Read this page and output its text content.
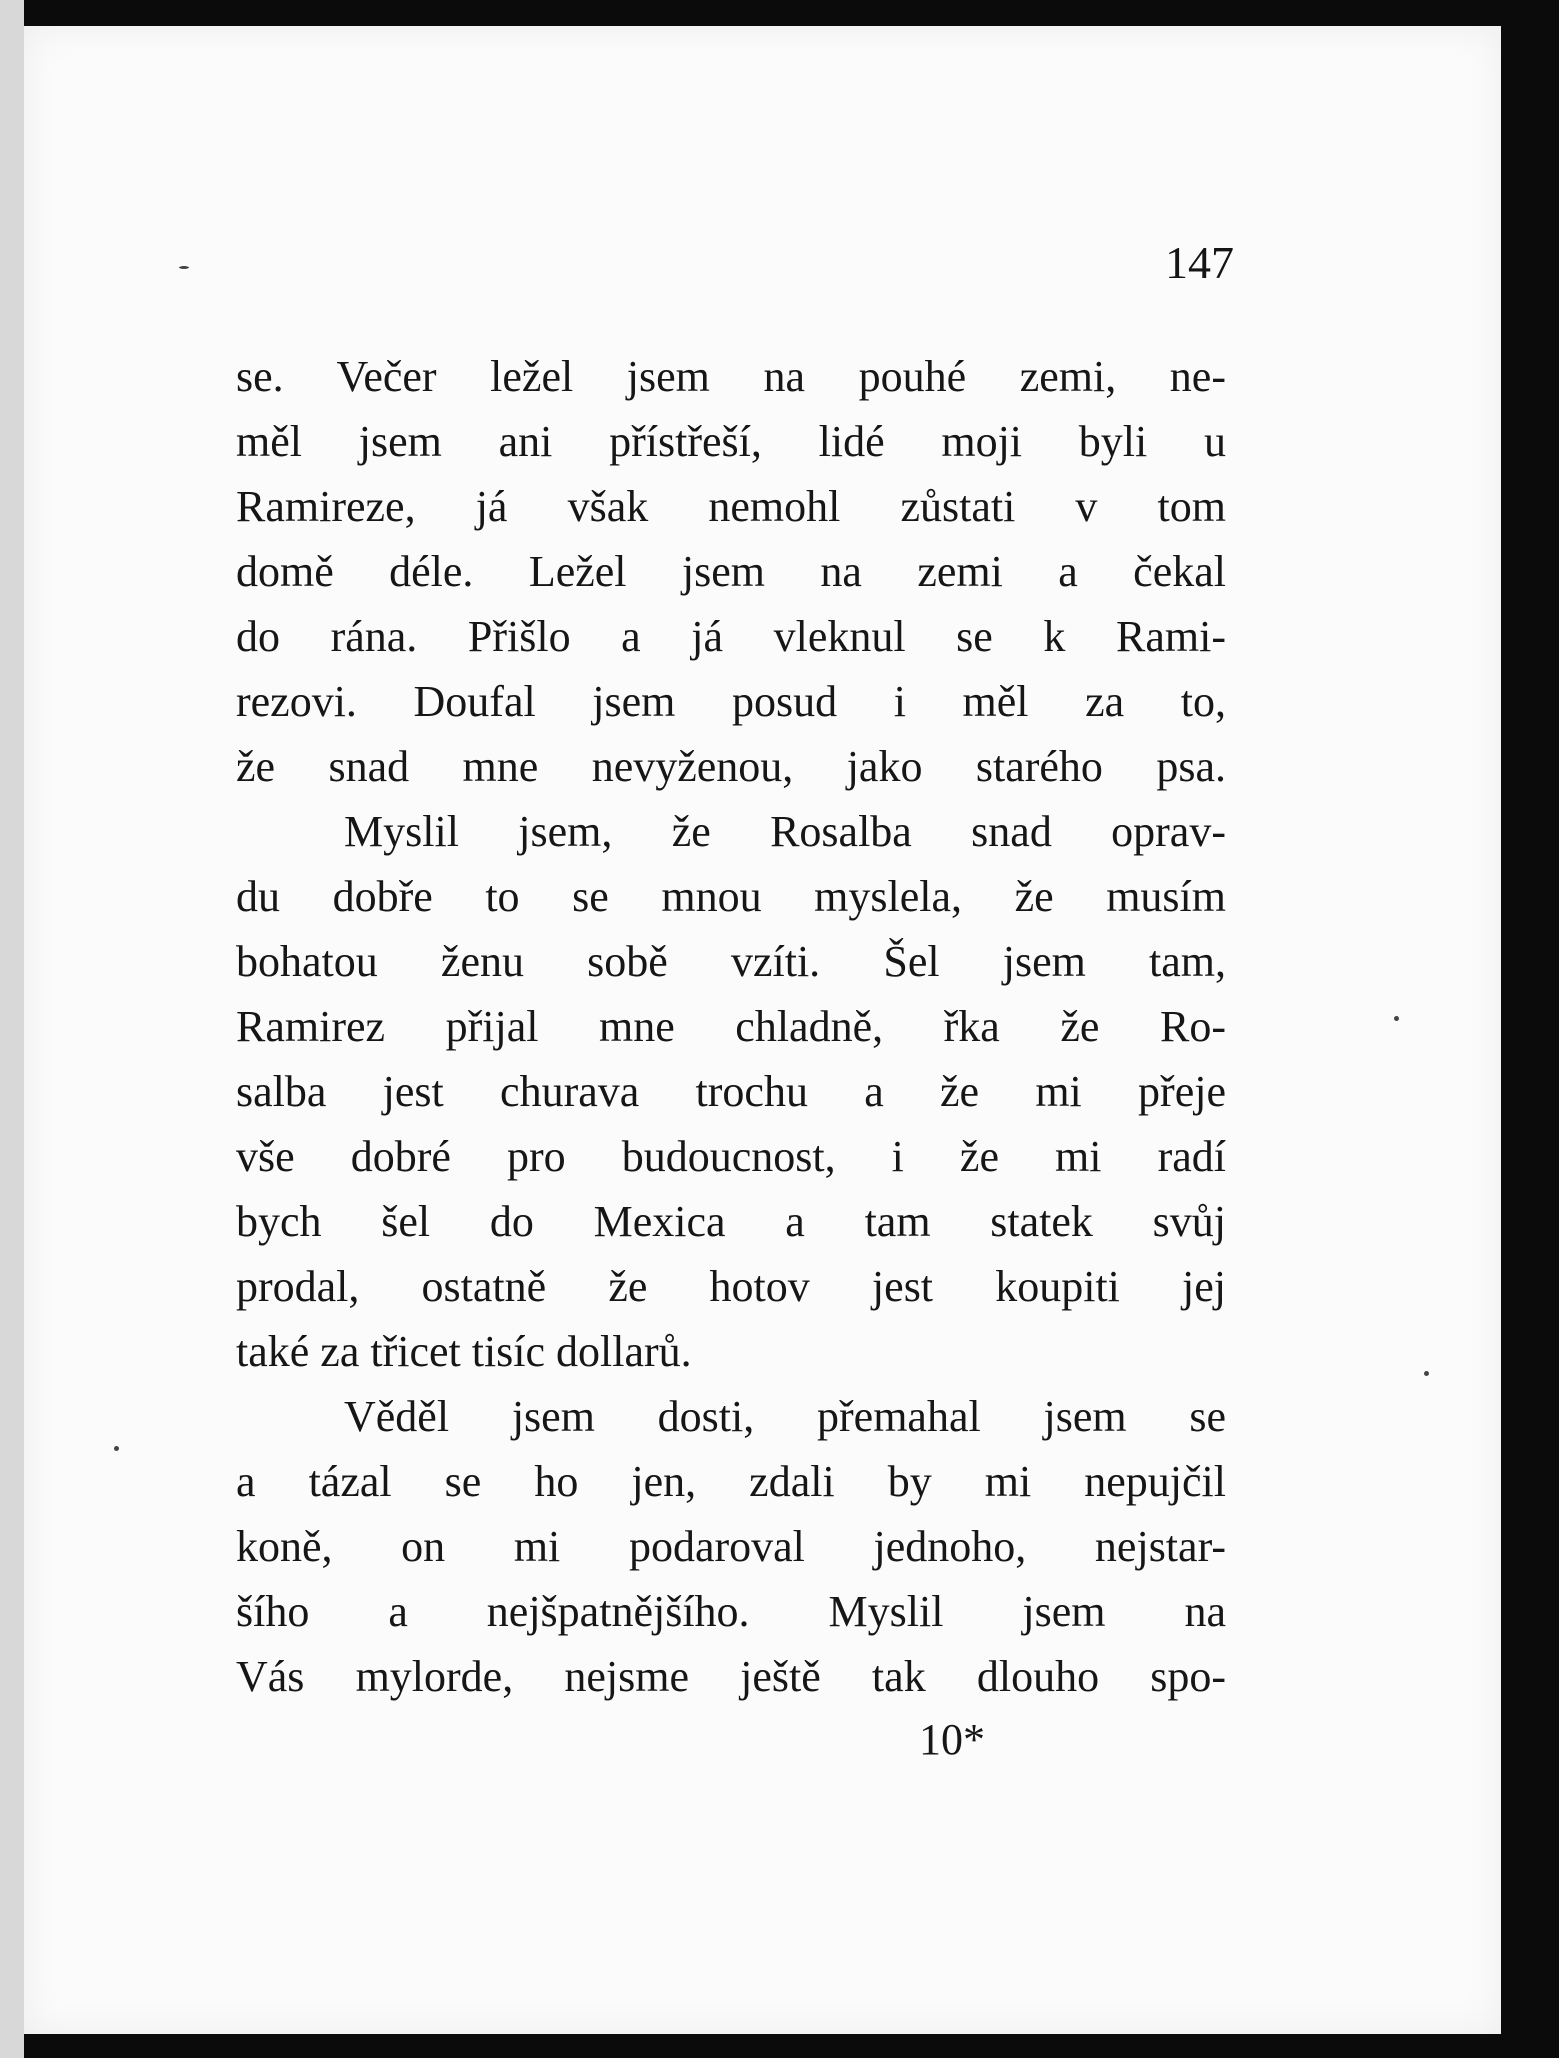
147
se. Večer ležel jsem na pouhé zemi, ne-
měl jsem ani přístřeší, lidé moji byli u
Ramireze, já však nemohl zůstati v tom
domě déle. Ležel jsem na zemi a čekal
do rána. Přišlo a já vleknul se k Rami-
rezovi. Doufal jsem posud i měl za to,
že snad mne nevyženou, jako starého psa.
Myslil jsem, že Rosalba snad oprav-
du dobře to se mnou myslela, že musím
bohatou ženu sobě vzíti. Šel jsem tam,
Ramirez přijal mne chladně, řka že Ro-
salba jest churava trochu a že mi přeje
vše dobré pro budoucnost, i že mi radí
bych šel do Mexica a tam statek svůj
prodal, ostatně že hotov jest koupiti jej
také za třicet tisíc dollarů.
Věděl jsem dosti, přemahal jsem se
a tázal se ho jen, zdali by mi nepujčil
koně, on mi podaroval jednoho, nejstar-
šího a nejšpatnějšího. Myslil jsem na
Vás mylorde, nejsme ještě tak dlouho spo-
10*
